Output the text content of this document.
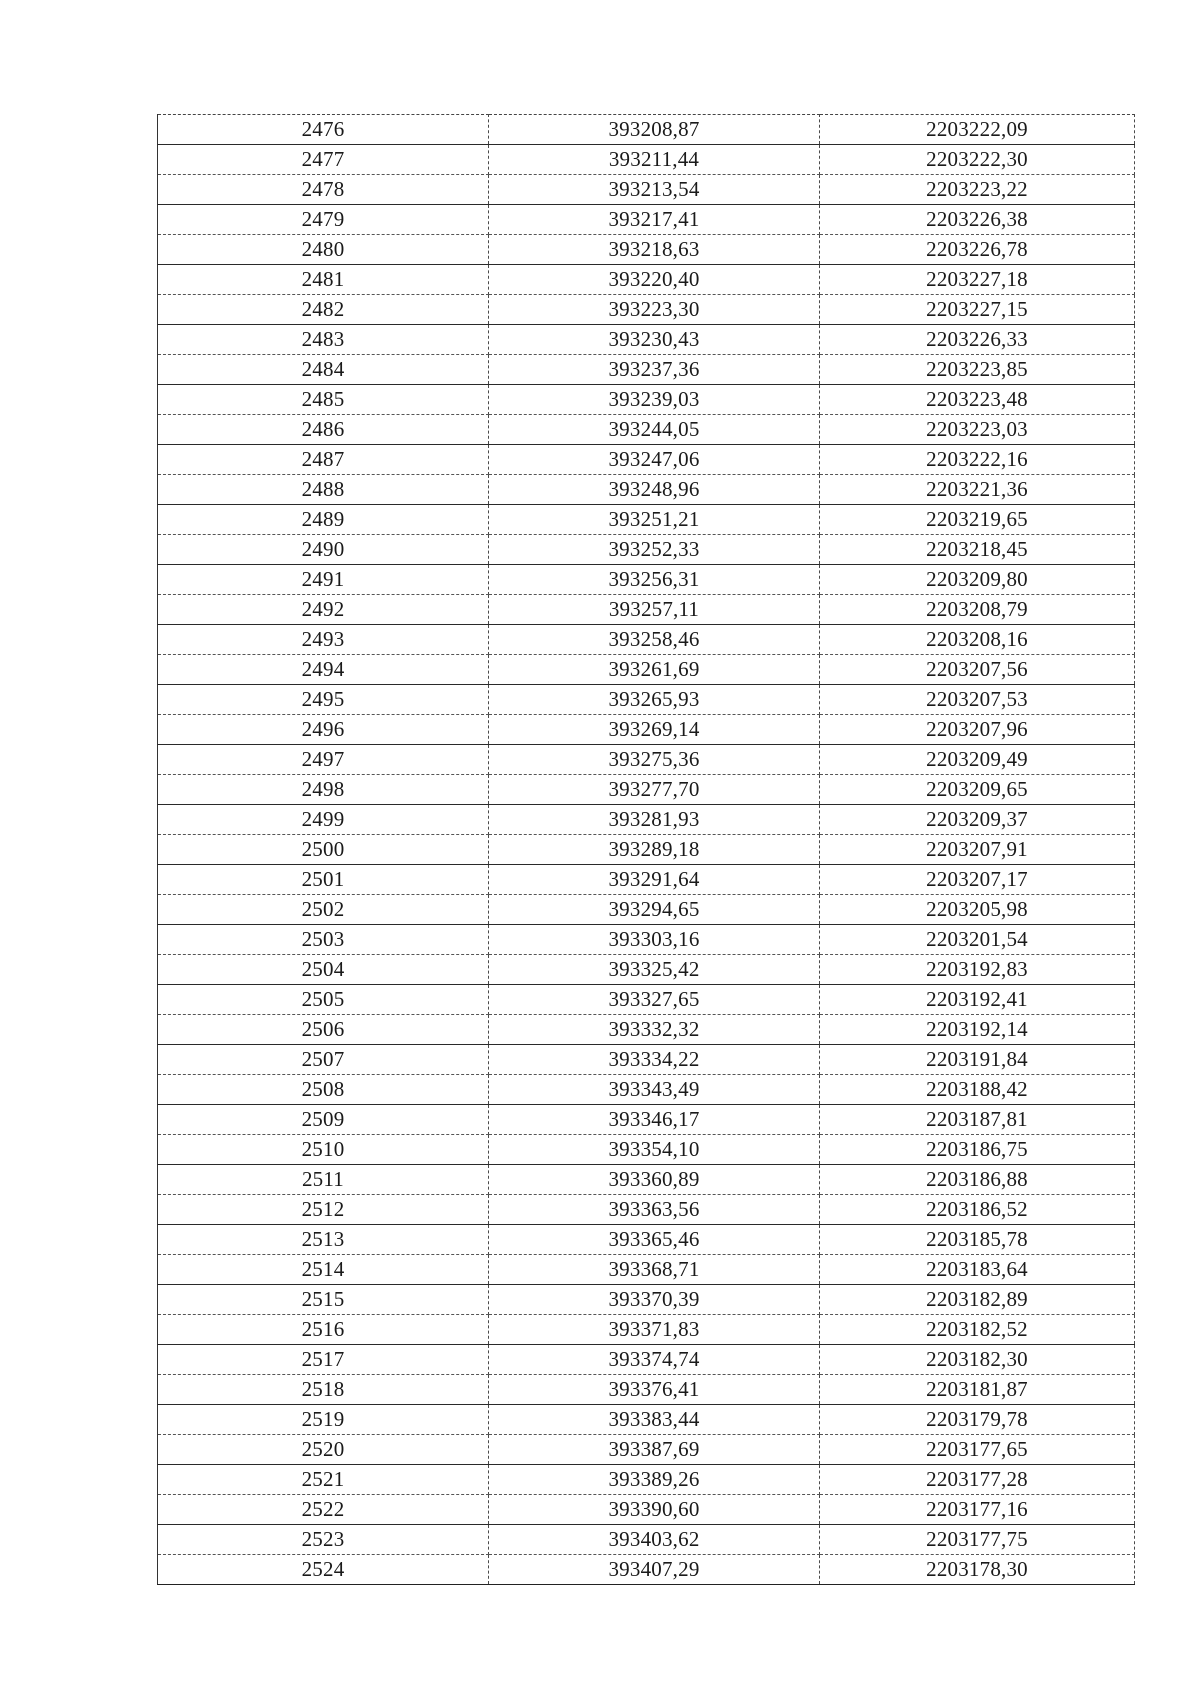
2476	393208,87	2203222,09
2477	393211,44	2203222,30
2478	393213,54	2203223,22
2479	393217,41	2203226,38
2480	393218,63	2203226,78
2481	393220,40	2203227,18
2482	393223,30	2203227,15
2483	393230,43	2203226,33
2484	393237,36	2203223,85
2485	393239,03	2203223,48
2486	393244,05	2203223,03
2487	393247,06	2203222,16
2488	393248,96	2203221,36
2489	393251,21	2203219,65
2490	393252,33	2203218,45
2491	393256,31	2203209,80
2492	393257,11	2203208,79
2493	393258,46	2203208,16
2494	393261,69	2203207,56
2495	393265,93	2203207,53
2496	393269,14	2203207,96
2497	393275,36	2203209,49
2498	393277,70	2203209,65
2499	393281,93	2203209,37
2500	393289,18	2203207,91
2501	393291,64	2203207,17
2502	393294,65	2203205,98
2503	393303,16	2203201,54
2504	393325,42	2203192,83
2505	393327,65	2203192,41
2506	393332,32	2203192,14
2507	393334,22	2203191,84
2508	393343,49	2203188,42
2509	393346,17	2203187,81
2510	393354,10	2203186,75
2511	393360,89	2203186,88
2512	393363,56	2203186,52
2513	393365,46	2203185,78
2514	393368,71	2203183,64
2515	393370,39	2203182,89
2516	393371,83	2203182,52
2517	393374,74	2203182,30
2518	393376,41	2203181,87
2519	393383,44	2203179,78
2520	393387,69	2203177,65
2521	393389,26	2203177,28
2522	393390,60	2203177,16
2523	393403,62	2203177,75
2524	393407,29	2203178,30
